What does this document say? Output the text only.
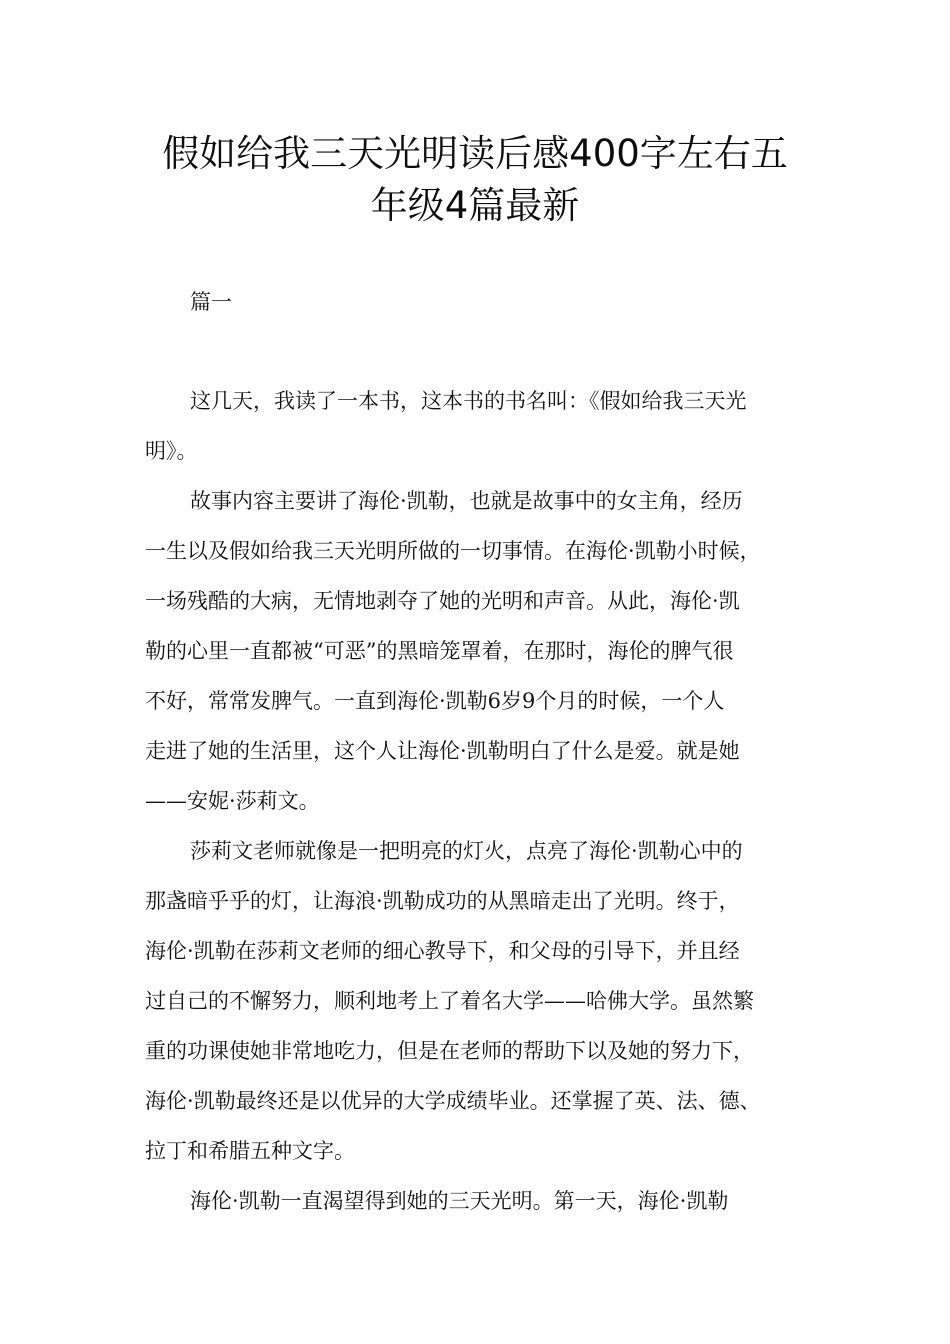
假如给我三天光明读后感400字左右五
年级4篇最新
篇一
这几天，我读了一本书，这本书的书名叫：《假如给我三天光
明》。
故事内容主要讲了海伦·凯勒，也就是故事中的女主角，经历
一生以及假如给我三天光明所做的一切事情。在海伦·凯勒小时候，
一场残酷的大病，无情地剥夺了她的光明和声音。从此，海伦·凯
勒的心里一直都被“可恶”的黑暗笼罩着，在那时，海伦的脾气很
不好，常常发脾气。一直到海伦·凯勒6岁9个月的时候，一个人
走进了她的生活里，这个人让海伦·凯勒明白了什么是爱。就是她
——安妮·莎莉文。
莎莉文老师就像是一把明亮的灯火，点亮了海伦·凯勒心中的
那盏暗乎乎的灯，让海浪·凯勒成功的从黑暗走出了光明。终于，
海伦·凯勒在莎莉文老师的细心教导下，和父母的引导下，并且经
过自己的不懈努力，顺利地考上了着名大学——哈佛大学。虽然繁
重的功课使她非常地吃力，但是在老师的帮助下以及她的努力下，
海伦·凯勒最终还是以优异的大学成绩毕业。还掌握了英、法、德、
拉丁和希腊五种文字。
海伦·凯勒一直渴望得到她的三天光明。第一天，海伦·凯勒
